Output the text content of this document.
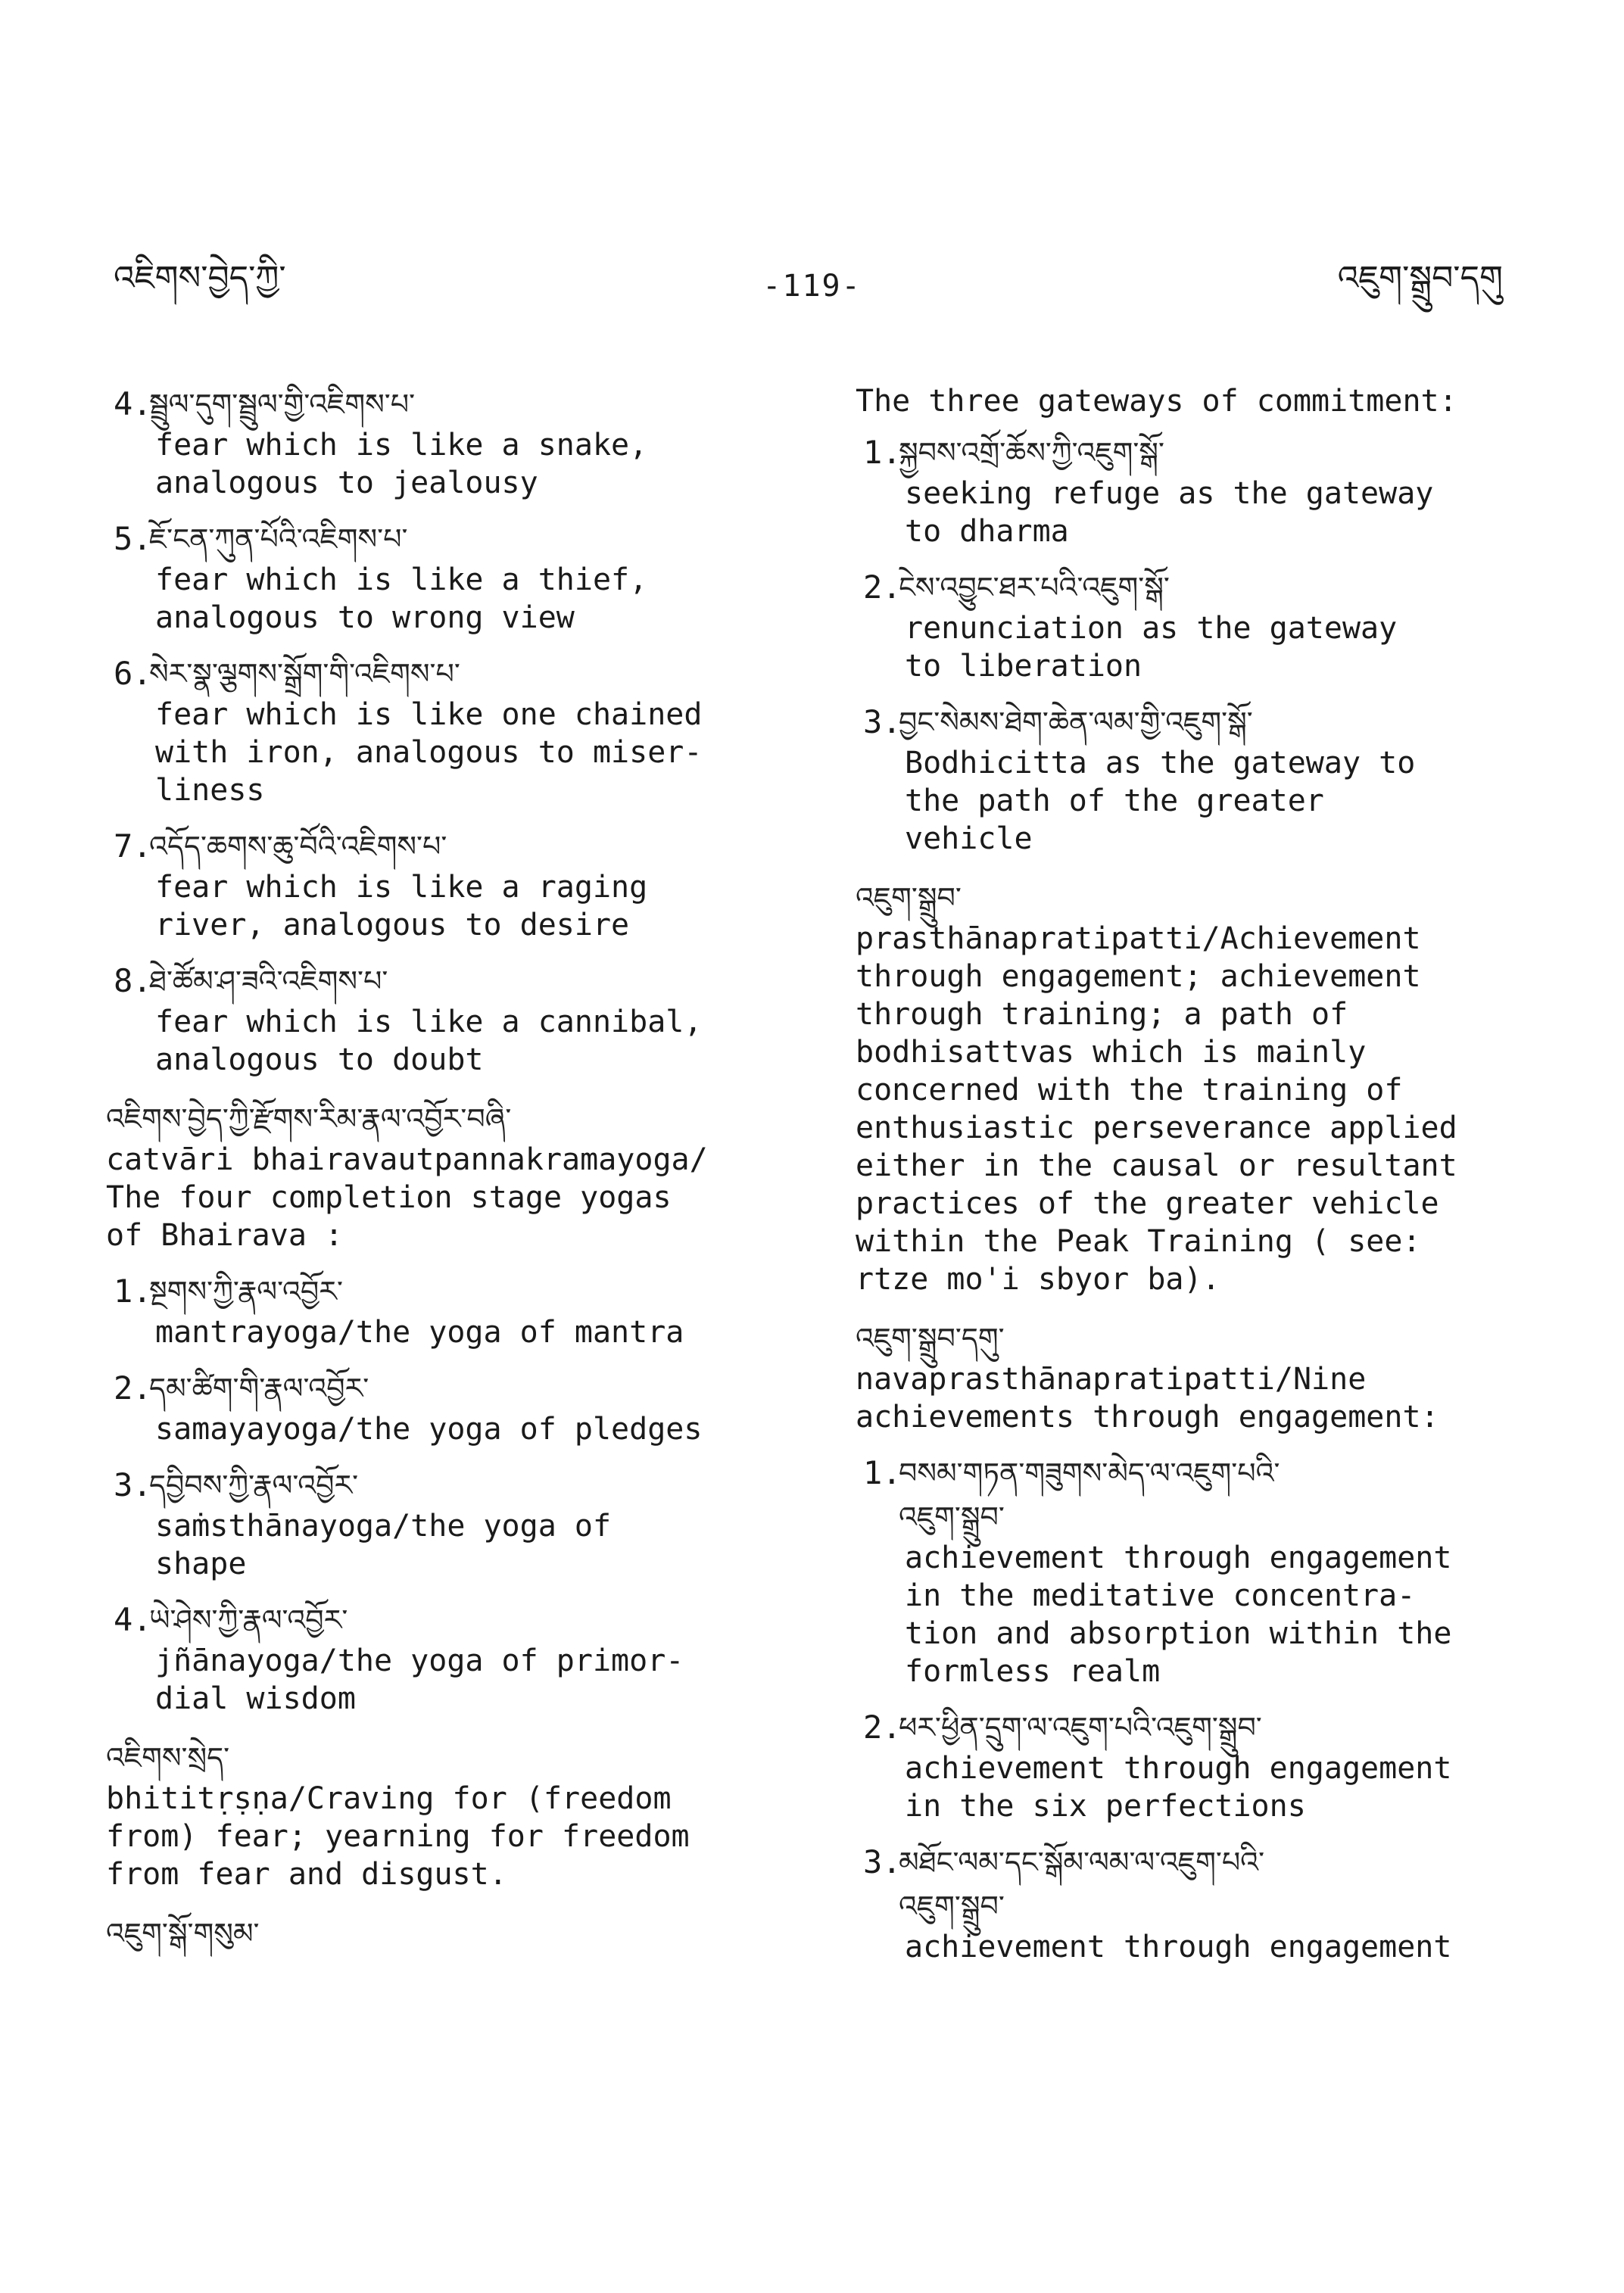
འཇིགས་བྱེད་ཀྱི་	-119-	འཇུག་སྒྲུབ་དགུ
4.
སྦྲུལ་དུག་སྦྲུལ་གྱི་འཇིགས་པ་
fear which is like a snake,
analogous to jealousy
5.
ཇོ་ངན་ཀུན་པོའི་འཇིགས་པ་
fear which is like a thief,
analogous to wrong view
6.
སེར་སྣ་ལྕགས་སྒྲོག་གི་འཇིགས་པ་
fear which is like one chained
with iron, analogous to miser-
liness
7.
འདོད་ཆགས་ཆུ་བོའི་འཇིགས་པ་
fear which is like a raging
river, analogous to desire
8.
ཐེ་ཚོམ་ཤ་ཟའི་འཇིགས་པ་
fear which is like a cannibal,
analogous to doubt
འཇིགས་བྱེད་ཀྱི་རྫོགས་རིམ་རྣལ་འབྱོར་བཞི་
catvāri bhairavautpannakramayoga/
The four completion stage yogas
of Bhairava :
1.
སྔགས་ཀྱི་རྣལ་འབྱོར་
mantrayoga/the yoga of mantra
2.
དམ་ཚིག་གི་རྣལ་འབྱོར་
samayayoga/the yoga of pledges
3.
དབྱིབས་ཀྱི་རྣལ་འབྱོར་
saṁsthānayoga/the yoga of
shape
4.
ཡེ་ཤེས་ཀྱི་རྣལ་འབྱོར་
jñānayoga/the yoga of primor-
dial wisdom
འཇིགས་སྲེད་
bhititṛṣṇa/Craving for (freedom
from) fear; yearning for freedom
from fear and disgust.
འཇུག་སྒོ་གསུམ་
The three gateways of commitment:
1.
སྐྱབས་འགྲོ་ཆོས་ཀྱི་འཇུག་སྒོ་
seeking refuge as the gateway
to dharma
2.
ངེས་འབྱུང་ཐར་པའི་འཇུག་སྒོ་
renunciation as the gateway
to liberation
3.
བྱང་སེམས་ཐེག་ཆེན་ལམ་གྱི་འཇུག་སྒོ་
Bodhicitta as the gateway to
the path of the greater
vehicle
འཇུག་སྒྲུབ་
prasthānapratipatti/Achievement
through engagement; achievement
through training; a path of
bodhisattvas which is mainly
concerned with the training of
enthusiastic perseverance applied
either in the causal or resultant
practices of the greater vehicle
within the Peak Training ( see:
rtze mo'i sbyor ba).
འཇུག་སྒྲུབ་དགུ་
navaprasthānapratipatti/Nine
achievements through engagement:
1.
བསམ་གཏན་གཟུགས་མེད་ལ་འཇུག་པའི་
འཇུག་སྒྲུབ་
achievement through engagement
in the meditative concentra-
tion and absorption within the
formless realm
2.
ཕར་ཕྱིན་དྲུག་ལ་འཇུག་པའི་འཇུག་སྒྲུབ་
achievement through engagement
in the six perfections
3.
མཐོང་ལམ་དང་སྒོམ་ལམ་ལ་འཇུག་པའི་
འཇུག་སྒྲུབ་
achievement through engagement
